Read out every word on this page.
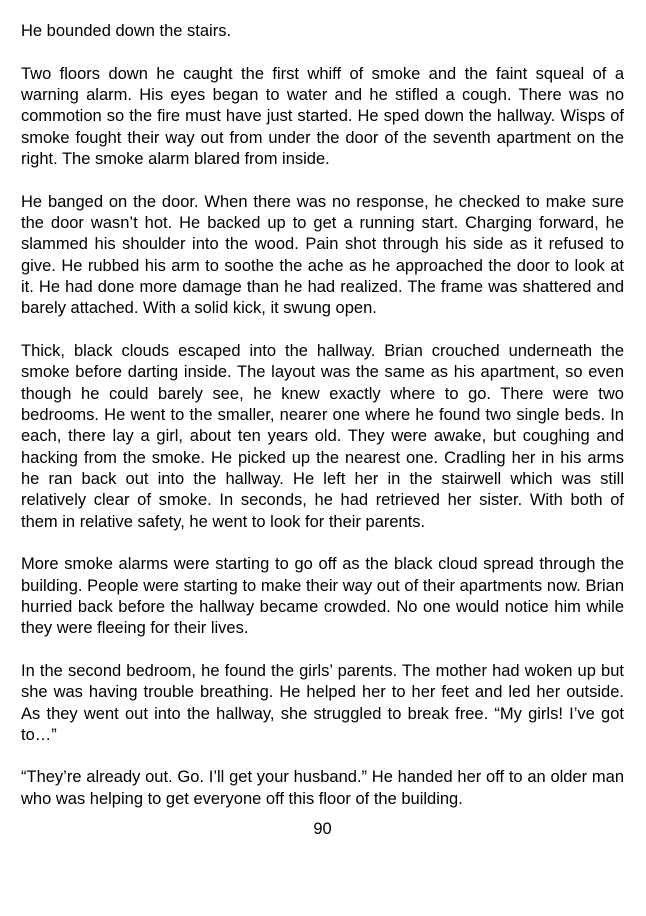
He bounded down the stairs.

Two floors down he caught the first whiff of smoke and the faint squeal of a warning alarm. His eyes began to water and he stifled a cough. There was no commotion so the fire must have just started. He sped down the hallway. Wisps of smoke fought their way out from under the door of the seventh apartment on the right. The smoke alarm blared from inside.

He banged on the door. When there was no response, he checked to make sure the door wasn’t hot. He backed up to get a running start. Charging forward, he slammed his shoulder into the wood. Pain shot through his side as it refused to give. He rubbed his arm to soothe the ache as he approached the door to look at it. He had done more damage than he had realized. The frame was shattered and barely attached. With a solid kick, it swung open.

Thick, black clouds escaped into the hallway. Brian crouched underneath the smoke before darting inside. The layout was the same as his apartment, so even though he could barely see, he knew exactly where to go. There were two bedrooms. He went to the smaller, nearer one where he found two single beds. In each, there lay a girl, about ten years old. They were awake, but coughing and hacking from the smoke. He picked up the nearest one. Cradling her in his arms he ran back out into the hallway. He left her in the stairwell which was still relatively clear of smoke. In seconds, he had retrieved her sister. With both of them in relative safety, he went to look for their parents.

More smoke alarms were starting to go off as the black cloud spread through the building. People were starting to make their way out of their apartments now. Brian hurried back before the hallway became crowded. No one would notice him while they were fleeing for their lives.

In the second bedroom, he found the girls’ parents. The mother had woken up but she was having trouble breathing. He helped her to her feet and led her outside. As they went out into the hallway, she struggled to break free. “My girls! I’ve got to…”

“They’re already out. Go. I’ll get your husband.” He handed her off to an older man who was helping to get everyone off this floor of the building.

90
